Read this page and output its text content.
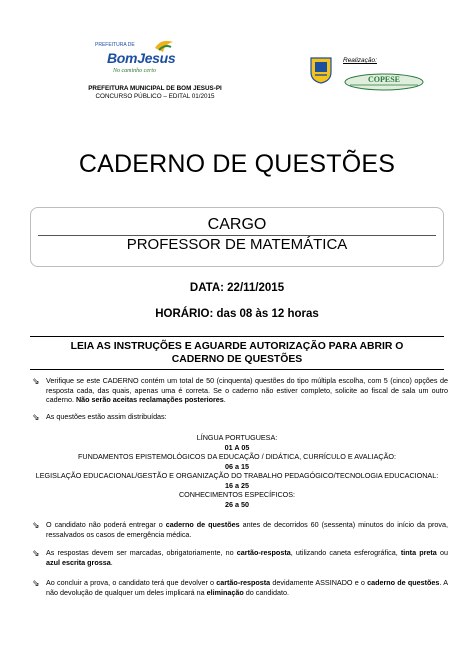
PREFEITURA DE
BomJesus
No caminho certo
PREFEITURA MUNICIPAL DE BOM JESUS-PI
CONCURSO PÚBLICO – EDITAL 01/2015
Realização:
COPESE
CADERNO DE QUESTÕES
CARGO
PROFESSOR DE MATEMÁTICA
DATA: 22/11/2015
HORÁRIO: das 08 às 12 horas
LEIA AS INSTRUÇÕES E AGUARDE AUTORIZAÇÃO PARA ABRIR O
CADERNO DE QUESTÕES
⇘ Verifique se este CADERNO contém um total de 50 (cinquenta) questões do tipo múltipla escolha, com 5 (cinco) opções de resposta cada, das quais, apenas uma é correta. Se o caderno não estiver completo, solicite ao fiscal de sala um outro caderno. Não serão aceitas reclamações posteriores.
⇘ As questões estão assim distribuídas:
LÍNGUA PORTUGUESA:
01 A 05
FUNDAMENTOS EPISTEMOLÓGICOS DA EDUCAÇÃO / DIDÁTICA, CURRÍCULO E AVALIAÇÃO:
06 a 15
LEGISLAÇÃO EDUCACIONAL/GESTÃO E ORGANIZAÇÃO DO TRABALHO PEDAGÓGICO/TECNOLOGIA EDUCACIONAL:
16 a 25
CONHECIMENTOS ESPECÍFICOS:
26 a 50
⇘ O candidato não poderá entregar o caderno de questões antes de decorridos 60 (sessenta) minutos do início da prova, ressalvados os casos de emergência médica.
⇘ As respostas devem ser marcadas, obrigatoriamente, no cartão-resposta, utilizando caneta esferográfica, tinta preta ou azul escrita grossa.
⇘ Ao concluir a prova, o candidato terá que devolver o cartão-resposta devidamente ASSINADO e o caderno de questões. A não devolução de qualquer um deles implicará na eliminação do candidato.
